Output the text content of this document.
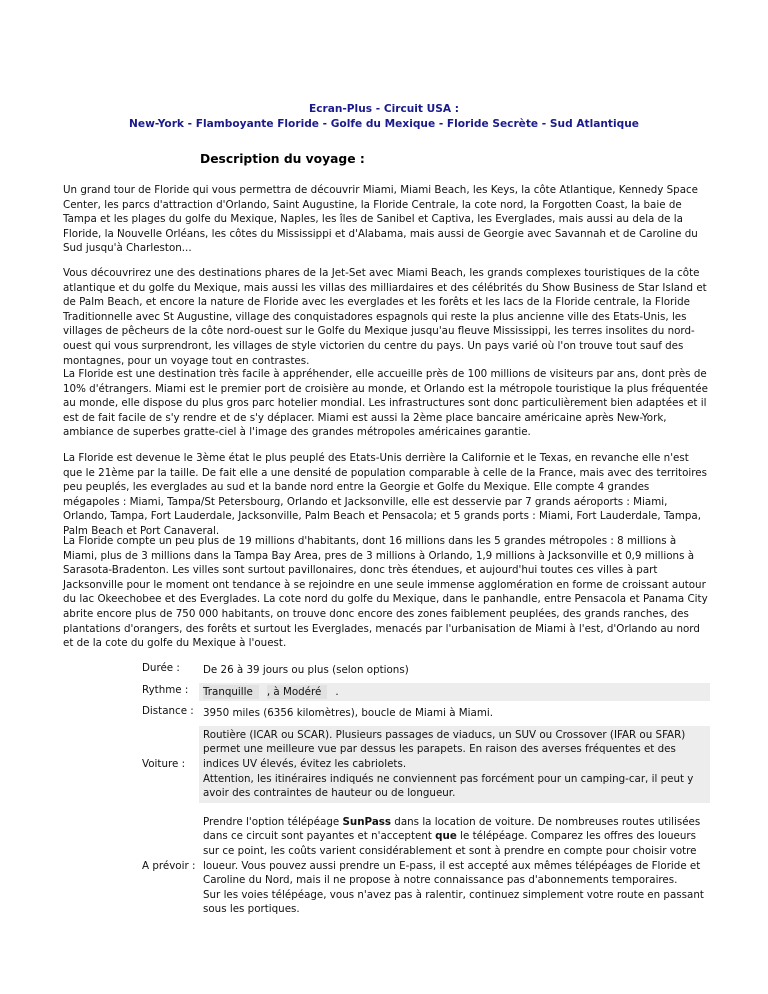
Ecran-Plus - Circuit USA :
New-York - Flamboyante Floride - Golfe du Mexique - Floride Secrète - Sud Atlantique
Description du voyage :
Un grand tour de Floride qui vous permettra de découvrir Miami, Miami Beach, les Keys, la côte Atlantique, Kennedy Space Center, les parcs d'attraction d'Orlando, Saint Augustine, la Floride Centrale, la cote nord, la Forgotten Coast, la baie de Tampa et les plages du golfe du Mexique, Naples, les îles de Sanibel et Captiva, les Everglades, mais aussi au dela de la Floride, la Nouvelle Orléans, les côtes du Mississippi et d'Alabama, mais aussi de Georgie avec Savannah et de Caroline du Sud jusqu'à Charleston...
Vous découvrirez une des destinations phares de la Jet-Set avec Miami Beach, les grands complexes touristiques de la côte atlantique et du golfe du Mexique, mais aussi les villas des milliardaires et des célébrités du Show Business de Star Island et de Palm Beach, et encore la nature de Floride avec les everglades et les forêts et les lacs de la Floride centrale, la Floride Traditionnelle avec St Augustine, village des conquistadores espagnols qui reste la plus ancienne ville des Etats-Unis, les villages de pêcheurs de la côte nord-ouest sur le Golfe du Mexique jusqu'au fleuve Mississippi, les terres insolites du nord-ouest qui vous surprendront, les villages de style victorien du centre du pays. Un pays varié où l'on trouve tout sauf des montagnes, pour un voyage tout en contrastes.
La Floride est une destination très facile à appréhender, elle accueille près de 100 millions de visiteurs par ans, dont près de 10% d'étrangers. Miami est le premier port de croisière au monde, et Orlando est la métropole touristique la plus fréquentée au monde, elle dispose du plus gros parc hotelier mondial. Les infrastructures sont donc particulièrement bien adaptées et il est de fait facile de s'y rendre et de s'y déplacer. Miami est aussi la 2ème place bancaire américaine après New-York, ambiance de superbes gratte-ciel à l'image des grandes métropoles américaines garantie.
La Floride est devenue le 3ème état le plus peuplé des Etats-Unis derrière la Californie et le Texas, en revanche elle n'est que le 21ème par la taille. De fait elle a une densité de population comparable à celle de la France, mais avec des territoires peu peuplés, les everglades au sud et la bande nord entre la Georgie et Golfe du Mexique. Elle compte 4 grandes mégapoles : Miami, Tampa/St Petersbourg, Orlando et Jacksonville, elle est desservie par 7 grands aéroports : Miami, Orlando, Tampa, Fort Lauderdale, Jacksonville, Palm Beach et Pensacola; et 5 grands ports : Miami, Fort Lauderdale, Tampa, Palm Beach et Port Canaveral.
La Floride compte un peu plus de 19 millions d'habitants, dont 16 millions dans les 5 grandes métropoles : 8 millions à Miami, plus de 3 millions dans la Tampa Bay Area, pres de 3 millions à Orlando, 1,9 millions à Jacksonville et 0,9 millions à Sarasota-Bradenton. Les villes sont surtout pavillonaires, donc très étendues, et aujourd'hui toutes ces villes à part Jacksonville pour le moment ont tendance à se rejoindre en une seule immense agglomération en forme de croissant autour du lac Okeechobee et des Everglades. La cote nord du golfe du Mexique, dans le panhandle, entre Pensacola et Panama City abrite encore plus de 750 000 habitants, on trouve donc encore des zones faiblement peuplées, des grands ranches, des plantations d'orangers, des forêts et surtout les Everglades, menacés par l'urbanisation de Miami à l'est, d'Orlando au nord et de la cote du golfe du Mexique à l'ouest.
Durée :	De 26 à 39 jours ou plus (selon options)
Rythme :	Tranquille , à Modéré .
Distance : 3950 miles (6356 kilomètres), boucle de Miami à Miami.
Voiture :
Routière (ICAR ou SCAR). Plusieurs passages de viaducs, un SUV ou Crossover (IFAR ou SFAR) permet une meilleure vue par dessus les parapets. En raison des averses fréquentes et des indices UV élevés, évitez les cabriolets.
Attention, les itinéraires indiqués ne conviennent pas forcément pour un camping-car, il peut y avoir des contraintes de hauteur ou de longueur.
A prévoir :
Prendre l'option télépéage SunPass dans la location de voiture. De nombreuses routes utilisées dans ce circuit sont payantes et n'acceptent que le télépéage. Comparez les offres des loueurs sur ce point, les coûts varient considérablement et sont à prendre en compte pour choisir votre loueur. Vous pouvez aussi prendre un E-pass, il est accepté aux mêmes télépéages de Floride et Caroline du Nord, mais il ne propose à notre connaissance pas d'abonnements temporaires.
Sur les voies télépéage, vous n'avez pas à ralentir, continuez simplement votre route en passant sous les portiques.
